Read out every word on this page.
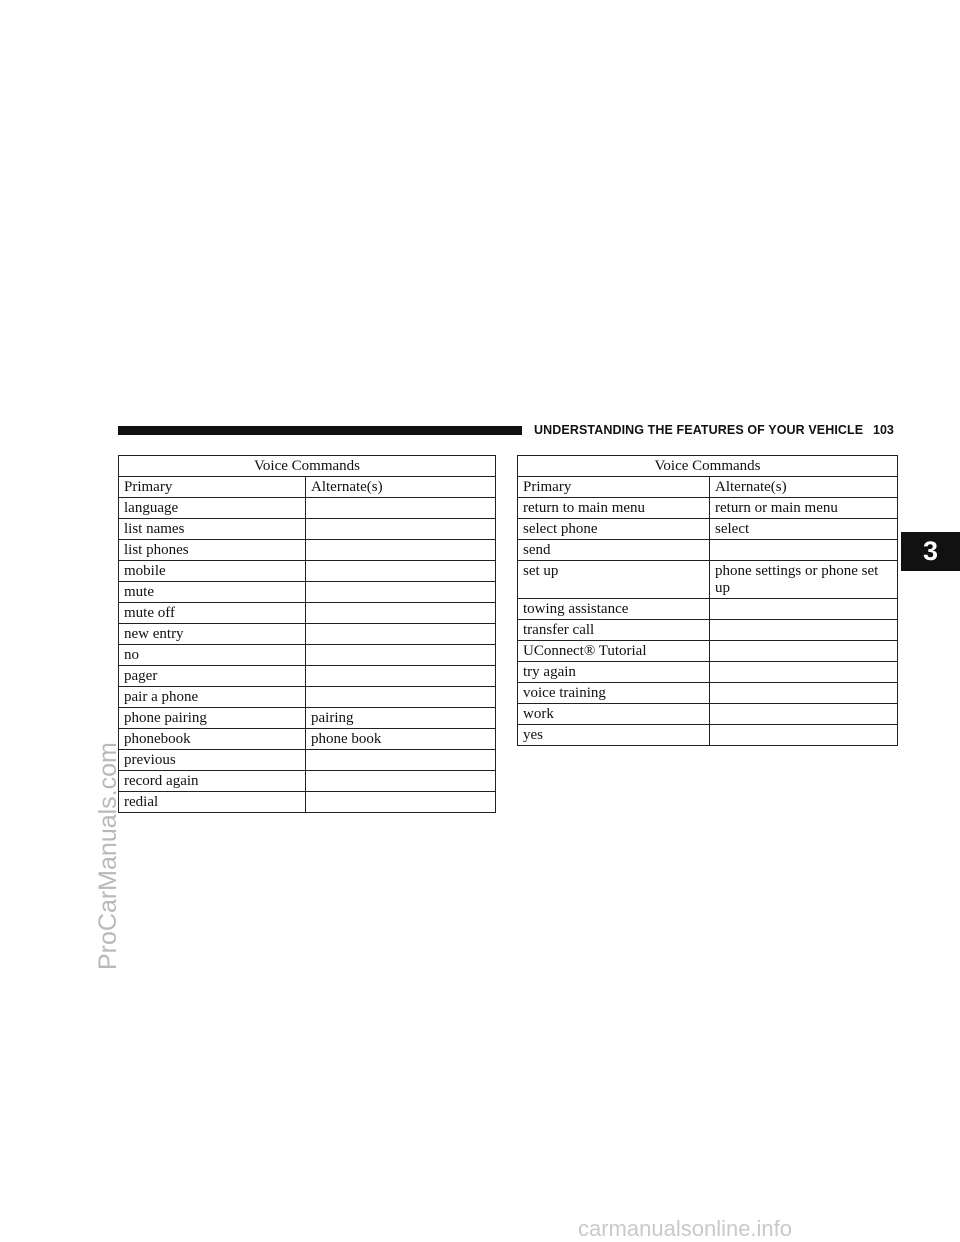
UNDERSTANDING THE FEATURES OF YOUR VEHICLE 103
3
ProCarManuals.com
carmanualsonline.info
Voice Commands	
Primary	Alternate(s)
language	
list names	
list phones	
mobile	
mute	
mute off	
new entry	
no	
pager	
pair a phone	
phone pairing	pairing
phonebook	phone book
previous	
record again	
redial	
Voice Commands	
Primary	Alternate(s)
return to main menu	return or main menu
select phone	select
send	
set up	phone settings or phone set up
towing assistance	
transfer call	
UConnect® Tutorial	
try again	
voice training	
work	
yes	
